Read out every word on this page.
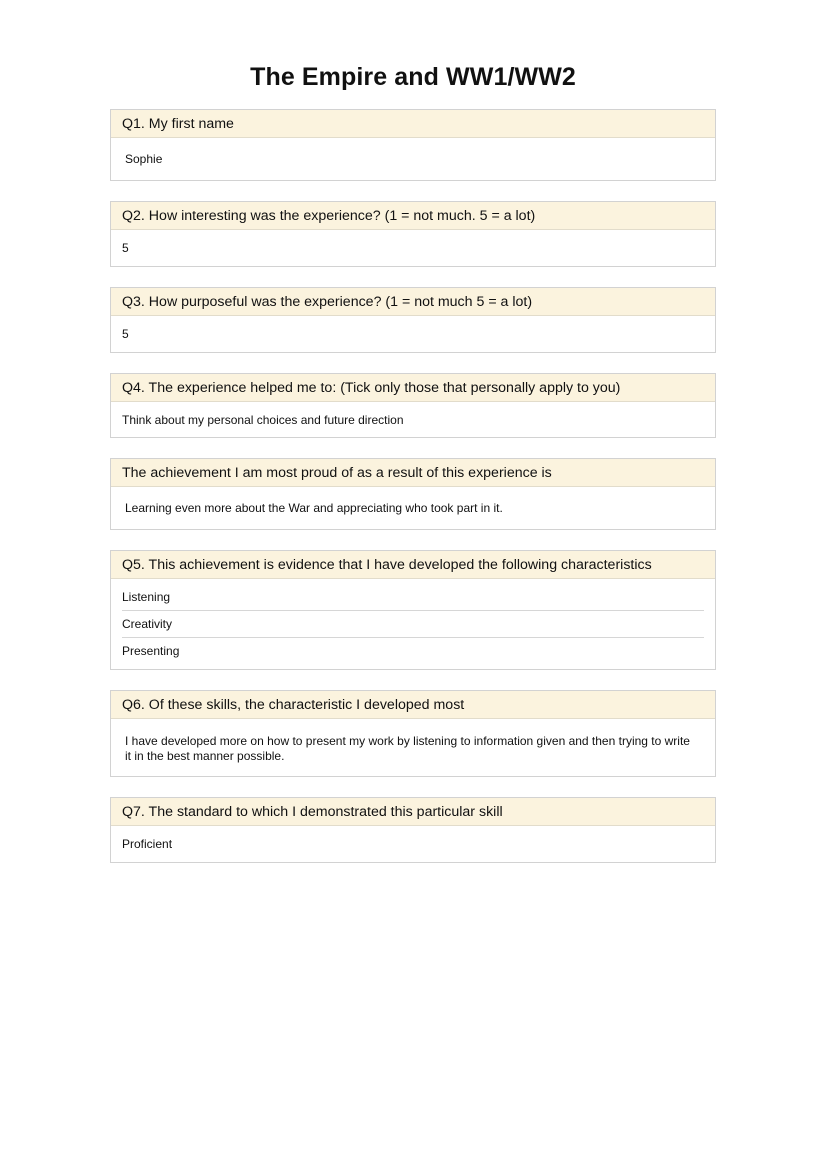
The Empire and WW1/WW2
Q1. My first name
Sophie
Q2. How interesting was the experience? (1 = not much. 5 = a lot)
5
Q3. How purposeful was the experience? (1 = not much 5 = a lot)
5
Q4. The experience helped me to: (Tick only those that personally apply to you)
Think about my personal choices and future direction
The achievement I am most proud of as a result of this experience is
Learning even more about the War and appreciating who took part in it.
Q5. This achievement is evidence that I have developed the following characteristics
Listening
Creativity
Presenting
Q6. Of these skills, the characteristic I developed most
I have developed more on how to present my work by listening to information given and then trying to write it in the best manner possible.
Q7. The standard to which I demonstrated this particular skill
Proficient
